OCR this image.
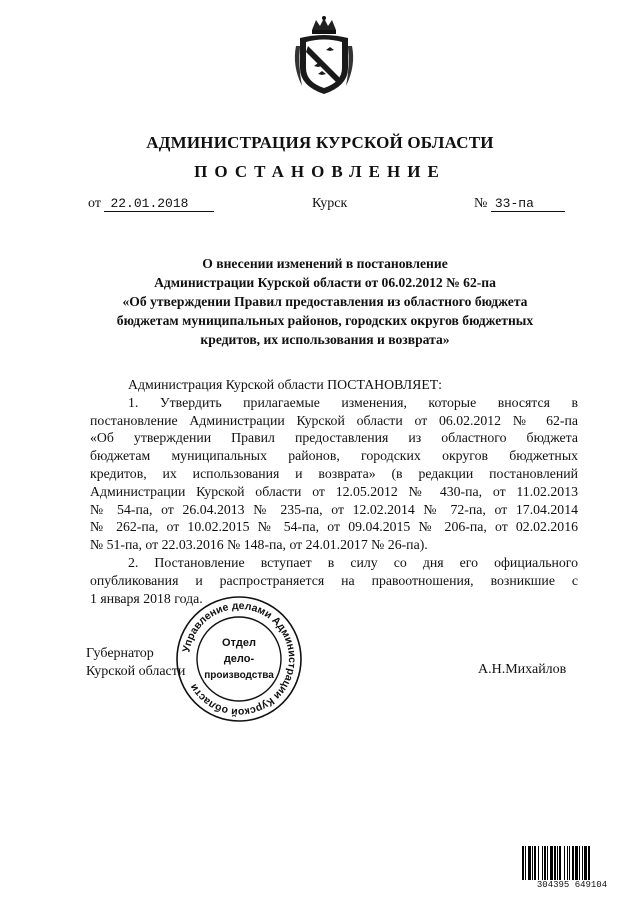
АДМИНИСТРАЦИЯ КУРСКОЙ ОБЛАСТИ
ПОСТАНОВЛЕНИЕ
от 22.01.2018	Курск	№ 33-па
О внесении изменений в постановление
Администрации Курской области от 06.02.2012 № 62-па
«Об утверждении Правил предоставления из областного бюджета
бюджетам муниципальных районов, городских округов бюджетных
кредитов, их использования и возврата»
Администрация Курской области ПОСТАНОВЛЯЕТ:
1. Утвердить прилагаемые изменения, которые вносятся в
постановление Администрации Курской области от 06.02.2012 № 62-па
«Об утверждении Правил предоставления из областного бюджета
бюджетам муниципальных районов, городских округов бюджетных
кредитов, их использования и возврата» (в редакции постановлений
Администрации Курской области от 12.05.2012 № 430-па, от 11.02.2013
№ 54-па, от 26.04.2013 № 235-па, от 12.02.2014 № 72-па, от 17.04.2014
№ 262-па, от 10.02.2015 № 54-па, от 09.04.2015 № 206-па, от 02.02.2016
№ 51-па, от 22.03.2016 № 148-па, от 24.01.2017 № 26-па).
2. Постановление вступает в силу со дня его официального
опубликования и распространяется на правоотношения, возникшие с
1 января 2018 года.
Губернатор
Курской области	А.Н.Михайлов
Управление делами Администрации Курской области
Отдел
дело-
производства
304395 649104
